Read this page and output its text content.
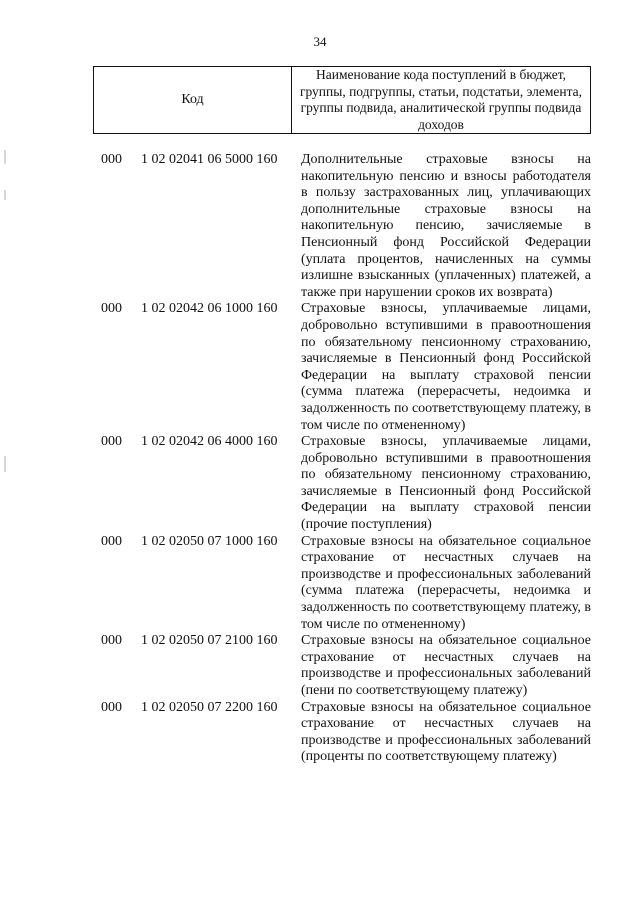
34
Код
Наименование кода поступлений в бюджет, группы, подгруппы, статьи, подстатьи, элемента, группы подвида, аналитической группы подвида доходов
000	1 02 02041 06 5000 160	Дополнительные страховые взносы на накопительную пенсию и взносы работодателя в пользу застрахованных лиц, уплачивающих дополнительные страховые взносы на накопительную пенсию, зачисляемые в Пенсионный фонд Российской Федерации (уплата процентов, начисленных на суммы излишне взысканных (уплаченных) платежей, а также при нарушении сроков их возврата)
000	1 02 02042 06 1000 160	Страховые взносы, уплачиваемые лицами, добровольно вступившими в правоотношения по обязательному пенсионному страхованию, зачисляемые в Пенсионный фонд Российской Федерации на выплату страховой пенсии (сумма платежа (перерасчеты, недоимка и задолженность по соответствующему платежу, в том числе по отмененному)
000	1 02 02042 06 4000 160	Страховые взносы, уплачиваемые лицами, добровольно вступившими в правоотношения по обязательному пенсионному страхованию, зачисляемые в Пенсионный фонд Российской Федерации на выплату страховой пенсии (прочие поступления)
000	1 02 02050 07 1000 160	Страховые взносы на обязательное социальное страхование от несчастных случаев на производстве и профессиональных заболеваний (сумма платежа (перерасчеты, недоимка и задолженность по соответствующему платежу, в том числе по отмененному)
000	1 02 02050 07 2100 160	Страховые взносы на обязательное социальное страхование от несчастных случаев на производстве и профессиональных заболеваний (пени по соответствующему платежу)
000	1 02 02050 07 2200 160	Страховые взносы на обязательное социальное страхование от несчастных случаев на производстве и профессиональных заболеваний (проценты по соответствующему платежу)
